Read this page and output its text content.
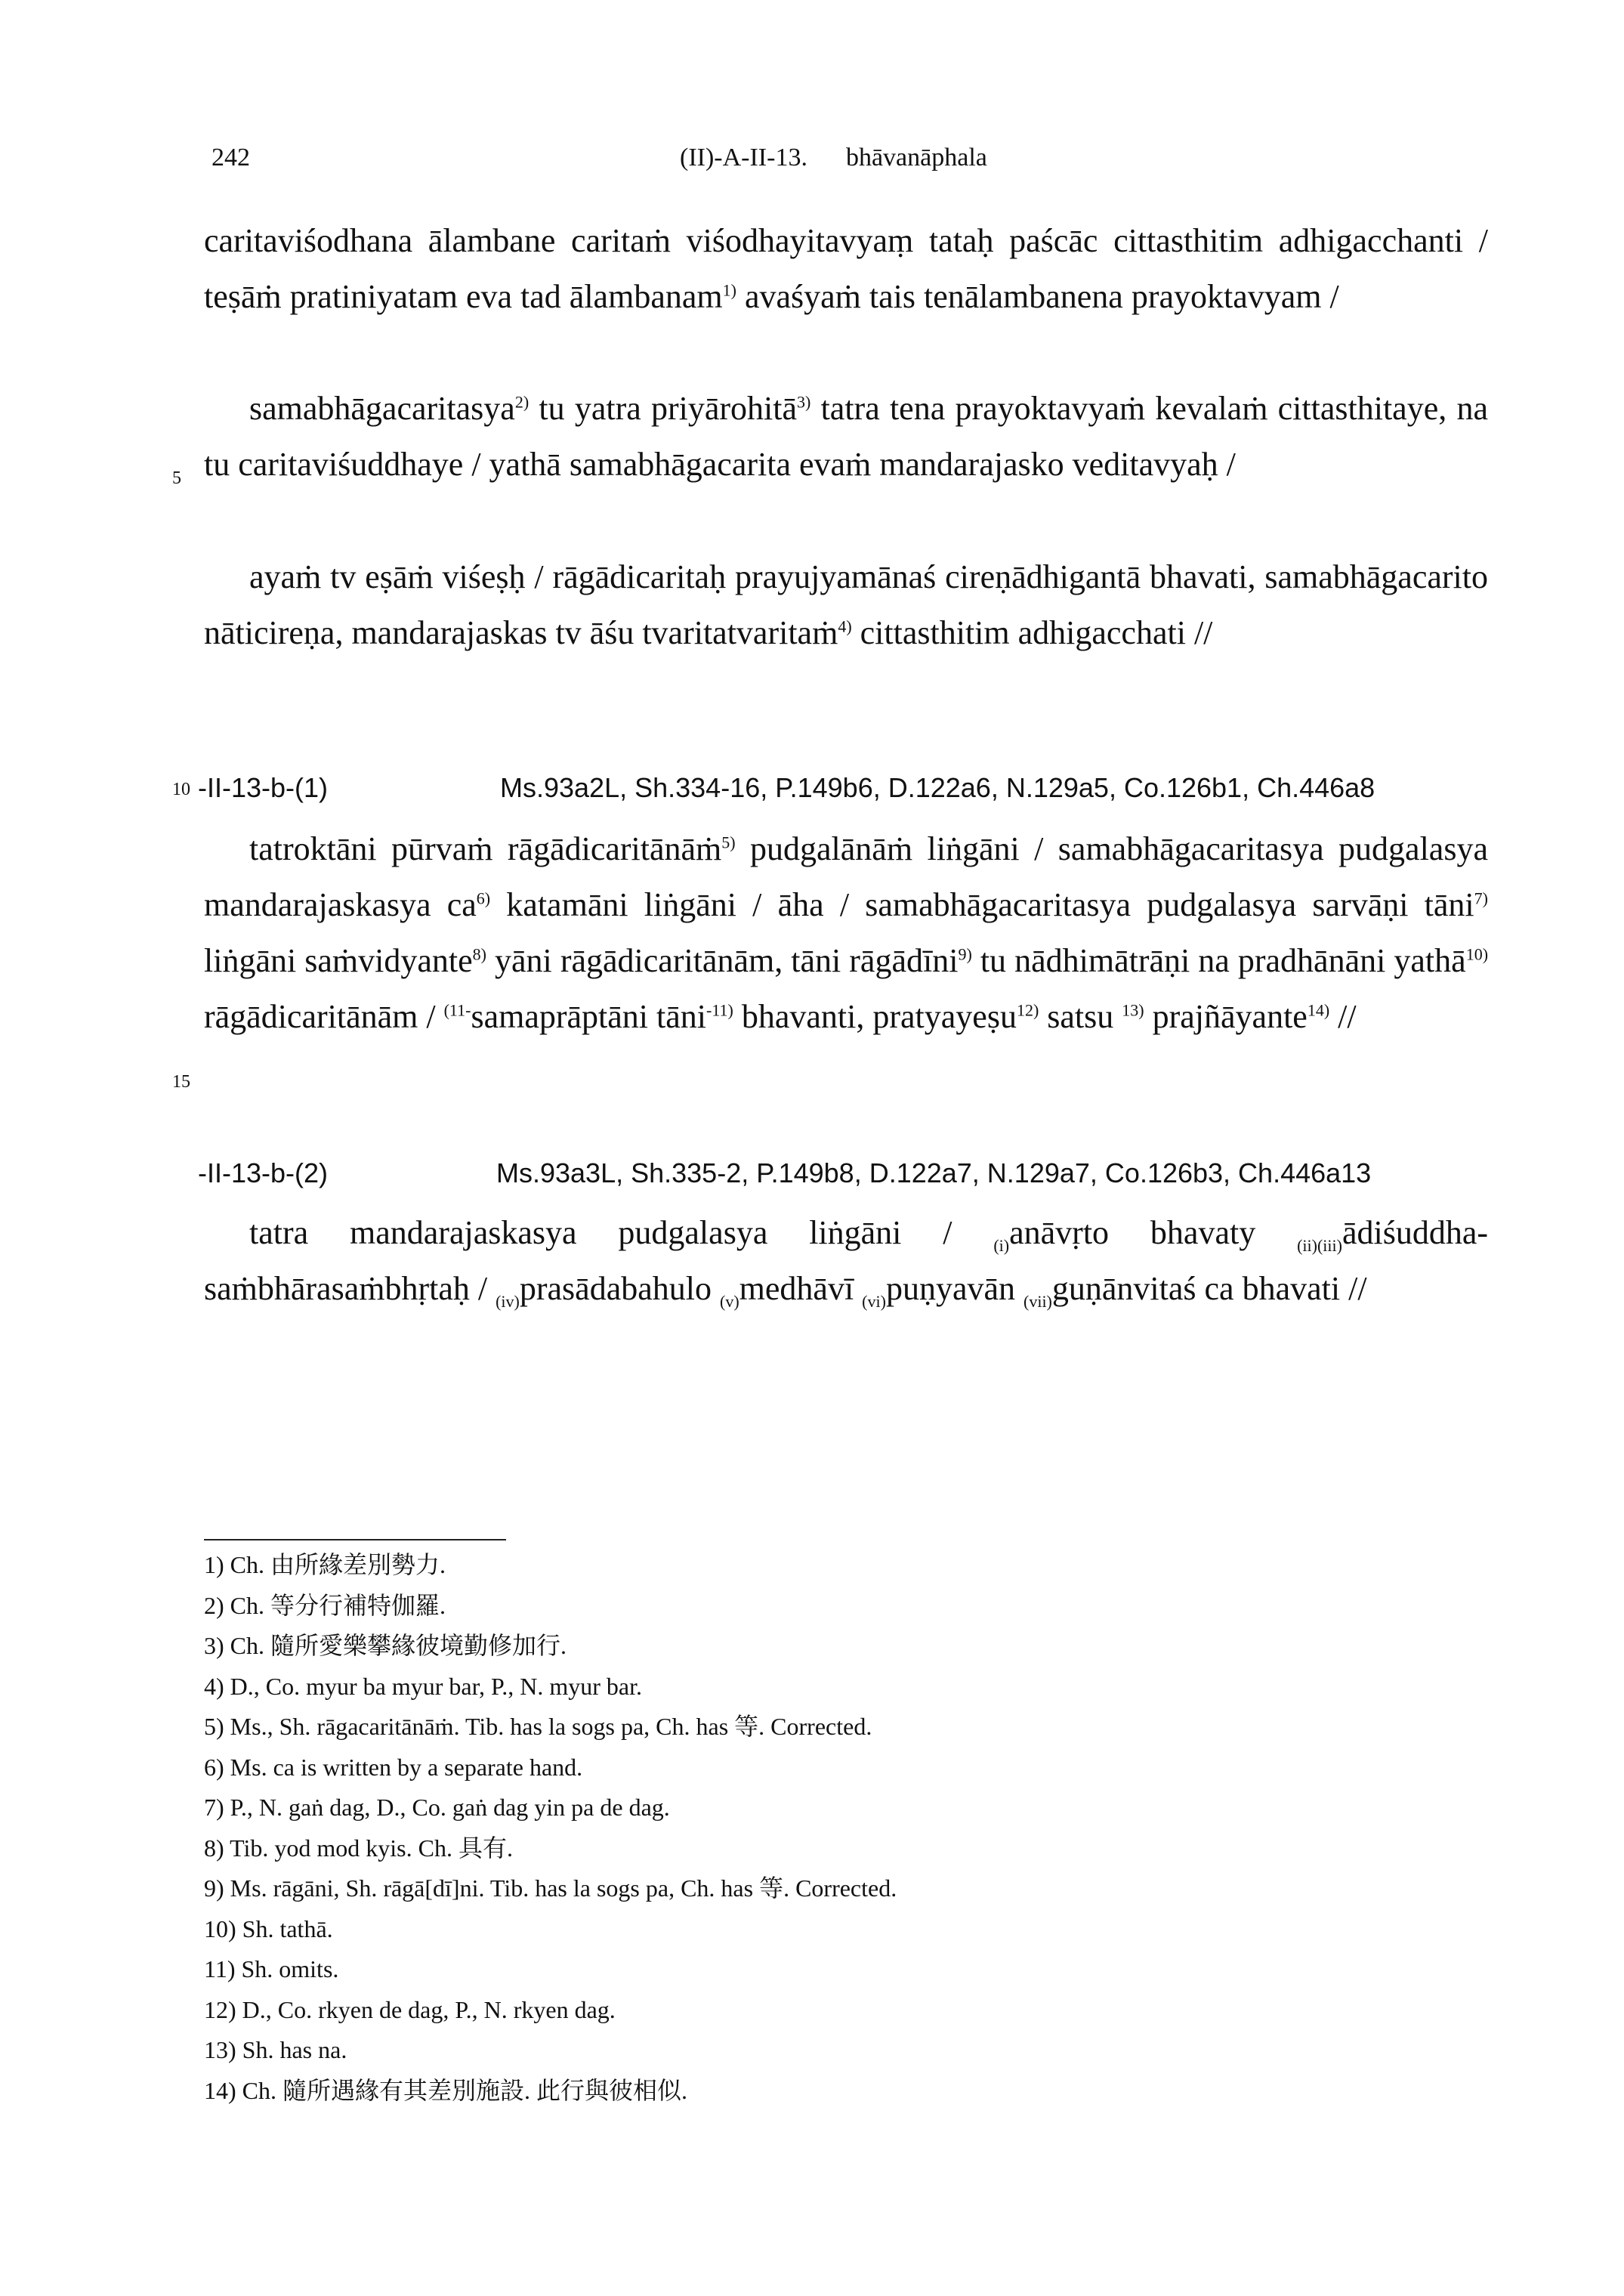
242	(II)-A-II-13.      bhāvanāphala

caritaviśodhana ālambane caritaṁ viśodhayitavyaṃ tataḥ paścāc cittasthitim adhigacchanti / teṣāṁ pratiniyatam eva tad ālambanam$^{1)}$ avaśyaṁ tais tenālambanena prayoktavyam /

5

samabhāgacaritasya$^{2)}$ tu yatra priyārohitā$^{3)}$ tatra tena prayoktavyaṁ kevalaṁ cittasthitaye, na tu caritaviśuddhaye / yathā samabhāgacarita evaṁ mandarajasko veditavyaḥ /

ayaṁ tv eṣāṁ viśeṣḥ / rāgādicaritaḥ prayujyamānaś cireṇādhigantā bhavati, samabhāgacarito nāticireṇa, mandarajaskas tv āśu tvaritatvaritaṁ$^{4)}$ cittasthitim adhigacchati //

10 -II-13-b-(1)	Ms.93a2L, Sh.334-16, P.149b6, D.122a6, N.129a5, Co.126b1, Ch.446a8
15

tatroktāni pūrvaṁ rāgādicaritānāṁ$^{5)}$ pudgalānāṁ liṅgāni / samabhāgacaritasya pudgalasya mandarajaskasya $ca^{6)}$ katamāni liṅgāni / āha / samabhāgacaritasya pudgalasya sarvāṇi tāni$^{7)}$ liṅgāni saṁvidyante$^{8)}$ yāni rāgādicaritānām, tāni rāgādīni$^{9)}$ tu nādhimātrāṇi na pradhānāni yathā$^{10)}$ rāgādicaritānām / $^{(11-}$samaprāptāni tāni$^{-11)}$ bhavanti, pratyayeṣu$^{12)}$ satsu $^{13)}$ prajñāyante$^{14)}$ //

-II-13-b-(2)	Ms.93a3L, Sh.335-2, P.149b8, D.122a7, N.129a7, Co.126b3, Ch.446a13

tatra mandarajaskasya pudgalasya liṅgāni / $_{(i)}$anāvṛto bhavaty $_{(ii)(iii)}$ādiśuddha-saṁbhārasaṁbhṛtaḥ / $_{(iv)}$prasādabahulo $_{(v)}$medhāvī $_{(vi)}$puṇyavān $_{(vii)}$guṇānvitaś ca bhavati //

1) Ch. 由所緣差別勢力.
2) Ch. 等分行補特伽羅.
3) Ch. 隨所愛樂攀緣彼境勤修加行.
4) D., Co. myur ba myur bar, P., N. myur bar.
5) Ms., Sh. rāgacaritānāṁ. Tib. has la sogs pa, Ch. has 等. Corrected.
6) Ms. ca is written by a separate hand.
7) P., N. gaṅ dag, D., Co. gaṅ dag yin pa de dag.
8) Tib. yod mod kyis. Ch. 具有.
9) Ms. rāgāni, Sh. rāgā[dī]ni. Tib. has la sogs pa, Ch. has 等. Corrected.
10) Sh. tathā.
11) Sh. omits.
12) D., Co. rkyen de dag, P., N. rkyen dag.
13) Sh. has na.
14) Ch. 隨所遇緣有其差別施設. 此行與彼相似.
